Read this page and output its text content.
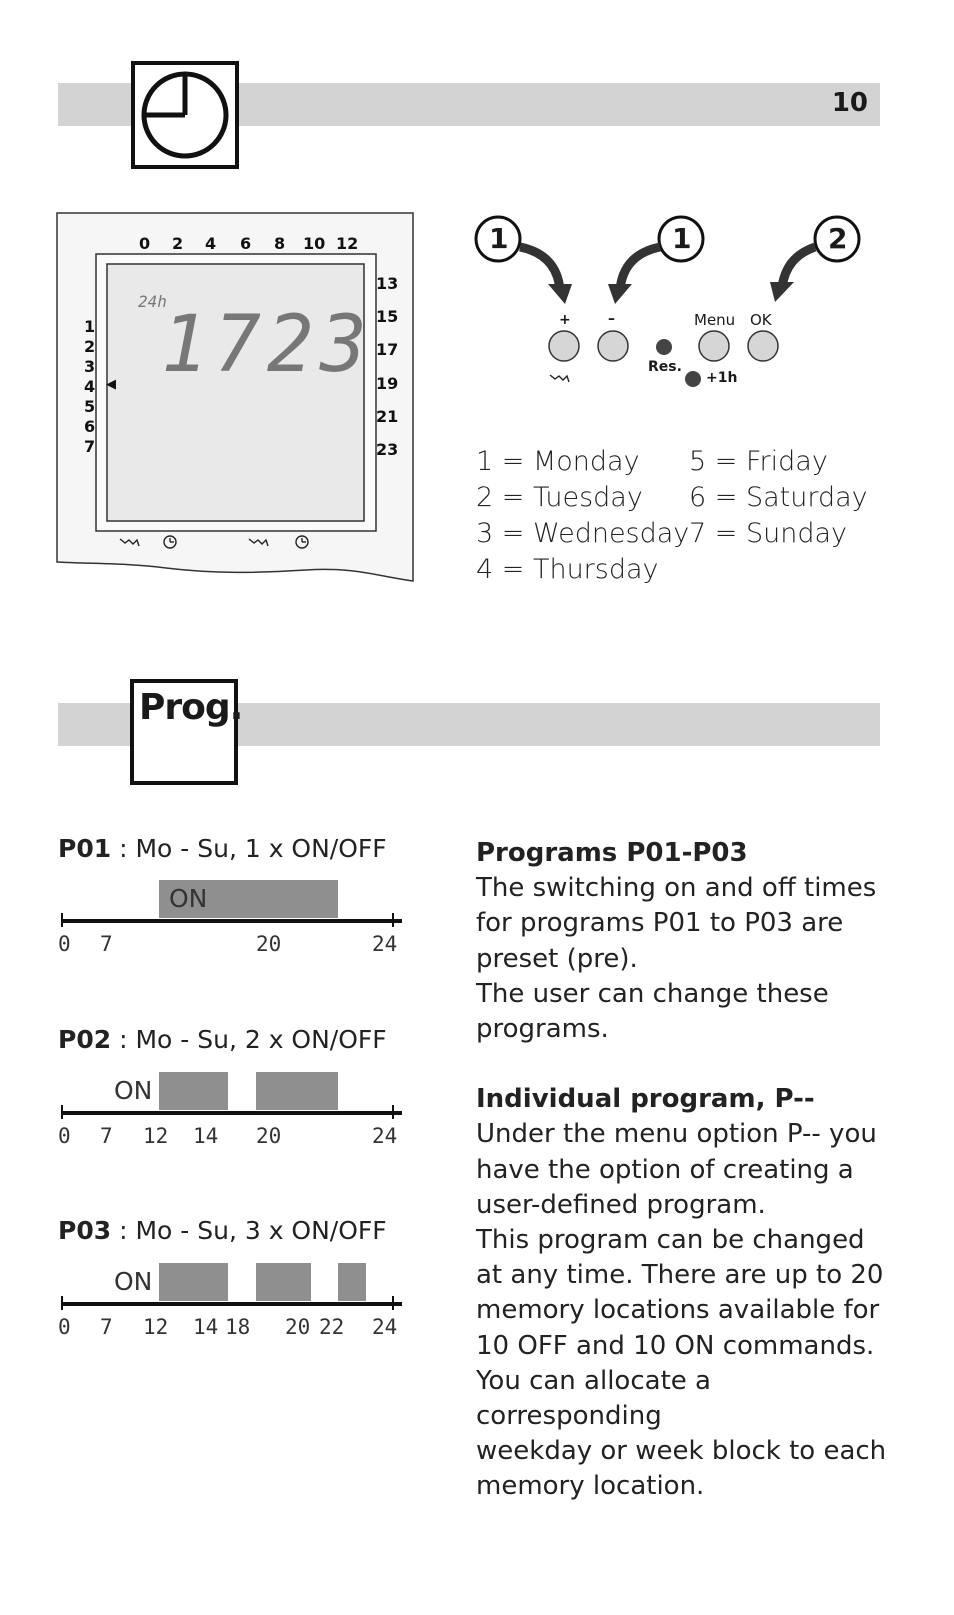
10
0 2 4 6 8 10 12
13
15
17
19
21
23
1
2
3
4
5
6
7
◀
24h
1723
1	1	2
+	–	Menu OK
Res.
+1h
1 = Monday
2 = Tuesday
3 = Wednesday
4 = Thursday
5 = Friday
6 = Saturday
7 = Sunday
Prog.
P01 : Mo - Su, 1 x ON/OFF
ON
0 7	20	24
P02 : Mo - Su, 2 x ON/OFF
ON
0 7 12 14 20	24
P03 : Mo - Su, 3 x ON/OFF
ON
0 7 12 14 18 20 22 24

Programs P01-P03

The switching on and off times

for programs P01 to P03 are

preset (pre).

The user can change these

programs.

Individual program, P--

Under the menu option P-- you

have the option of creating a

user-defined program.

This program can be changed

at any time. There are up to 20

memory locations available for

10 OFF and 10 ON commands.

You can allocate a corresponding

weekday or week block to each

memory location.
